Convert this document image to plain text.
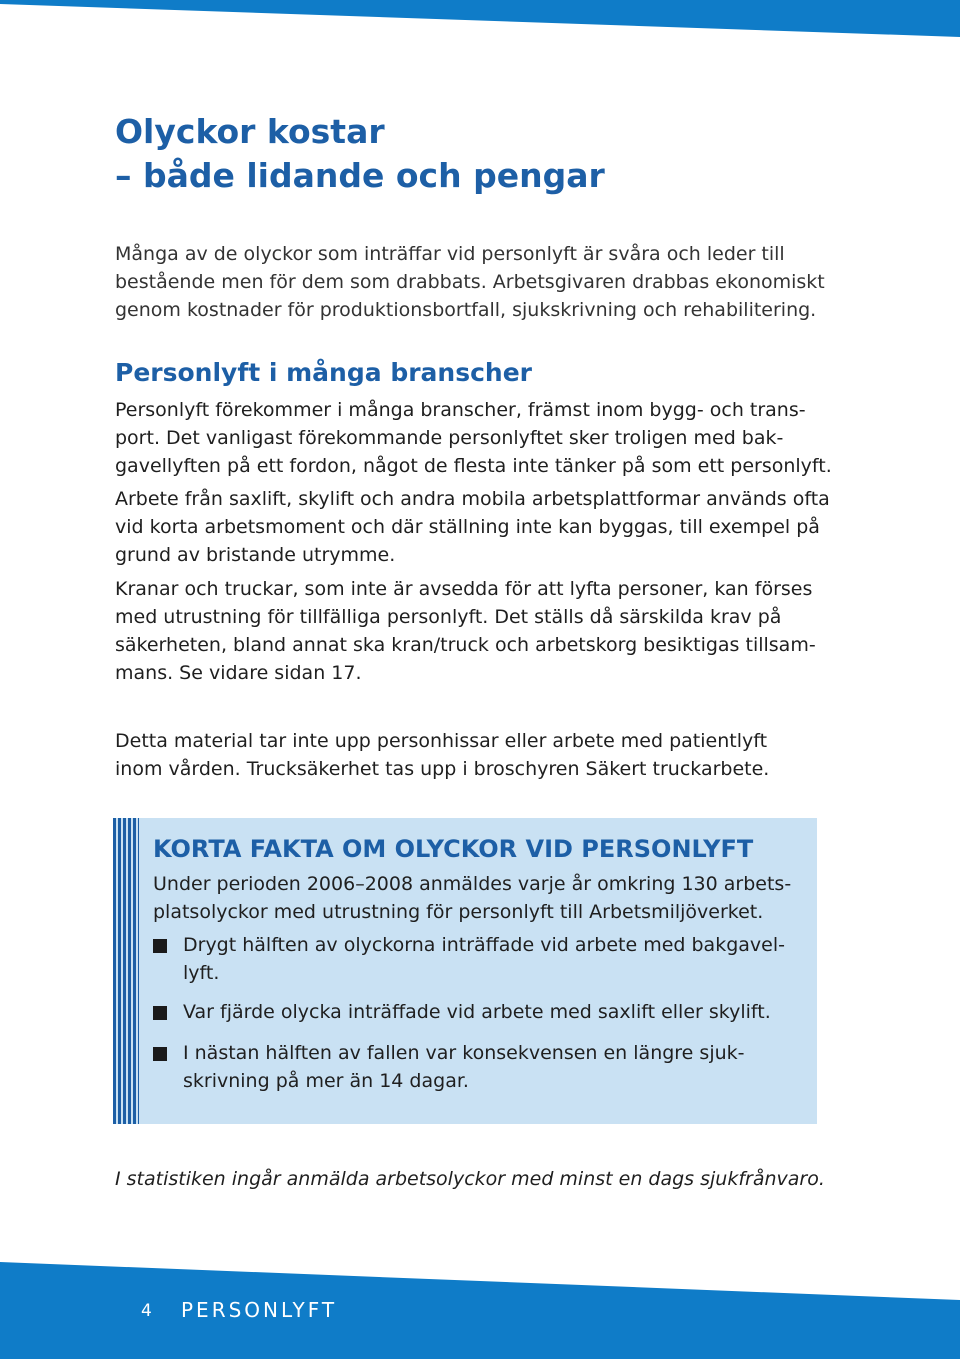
Olyckor kostar
– både lidande och pengar

Många av de olyckor som inträffar vid personlyft är svåra och leder till
bestående men för dem som drabbats. Arbetsgivaren drabbas ekonomiskt
genom kostnader för produktionsbortfall, sjukskrivning och rehabilitering.

Personlyft i många branscher

Personlyft förekommer i många branscher, främst inom bygg- och trans-
port. Det vanligast förekommande personlyftet sker troligen med bak-
gavellyften på ett fordon, något de flesta inte tänker på som ett personlyft.

Arbete från saxlift, skylift och andra mobila arbetsplattformar används ofta
vid korta arbetsmoment och där ställning inte kan byggas, till exempel på
grund av bristande utrymme.

Kranar och truckar, som inte är avsedda för att lyfta personer, kan förses
med utrustning för tillfälliga personlyft. Det ställs då särskilda krav på
säkerheten, bland annat ska kran/truck och arbetskorg besiktigas tillsam-
mans. Se vidare sidan 17.

Detta material tar inte upp personhissar eller arbete med patientlyft
inom vården. Trucksäkerhet tas upp i broschyren Säkert truckarbete.

KORTA FAKTA OM OLYCKOR VID PERSONLYFT

Under perioden 2006–2008 anmäldes varje år omkring 130 arbets-
platsolyckor med utrustning för personlyft till Arbetsmiljöverket.

Drygt hälften av olyckorna inträffade vid arbete med bakgavel-
lyft.
Var fjärde olycka inträffade vid arbete med saxlift eller skylift.
I nästan hälften av fallen var konsekvensen en längre sjuk-
skrivning på mer än 14 dagar.

I statistiken ingår anmälda arbetsolyckor med minst en dags sjukfrånvaro.

4 PERSONLYFT
